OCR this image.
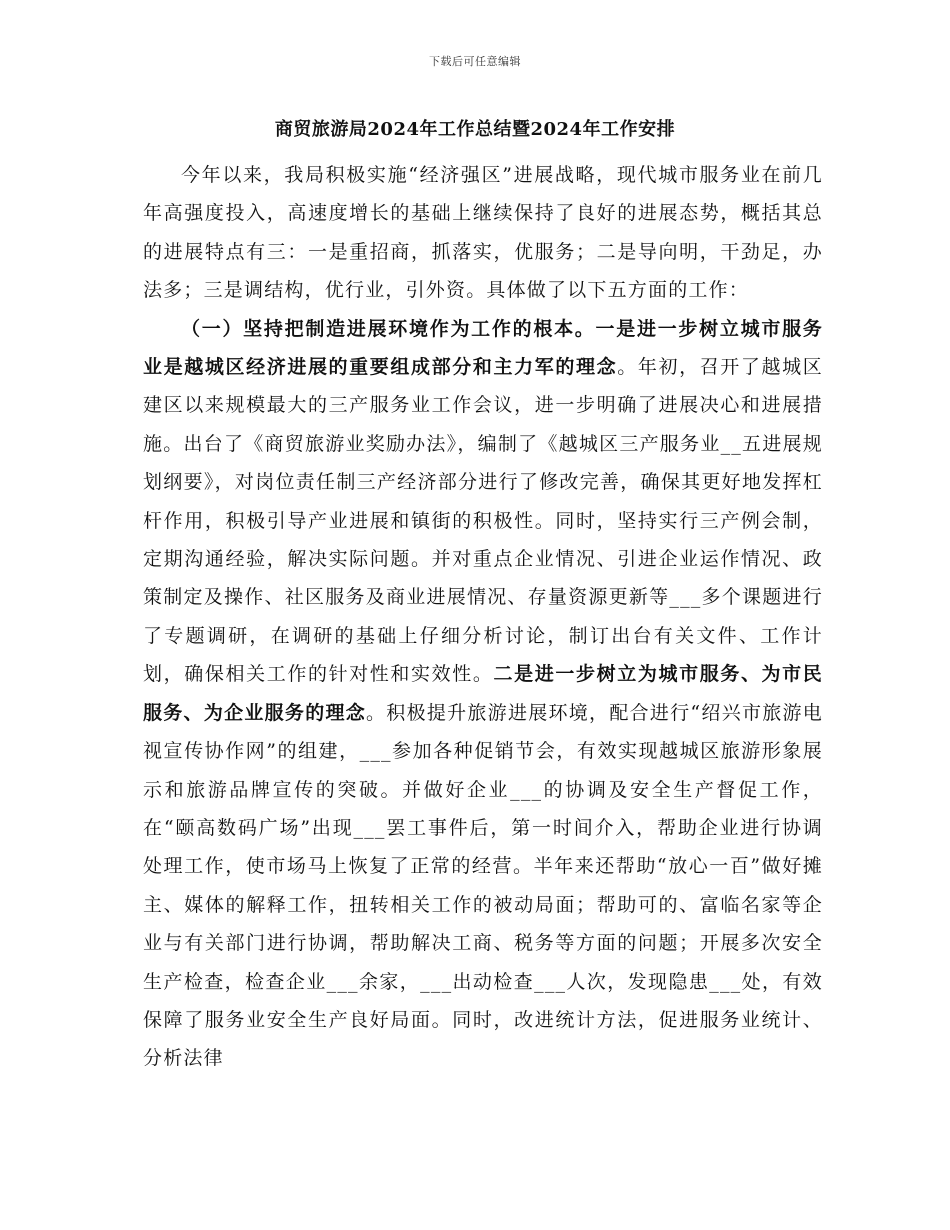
下载后可任意编辑
商贸旅游局2024年工作总结暨2024年工作安排

今年以来，我局积极实施“经济强区”进展战略，现代城市服务业在前几年高强度投入，高速度增长的基础上继续保持了良好的进展态势，概括其总的进展特点有三：一是重招商，抓落实，优服务；二是导向明，干劲足，办法多；三是调结构，优行业，引外资。具体做了以下五方面的工作：

（一）坚持把制造进展环境作为工作的根本。一是进一步树立城市服务业是越城区经济进展的重要组成部分和主力军的理念。年初，召开了越城区建区以来规模最大的三产服务业工作会议，进一步明确了进展决心和进展措施。出台了《商贸旅游业奖励办法》，编制了《越城区三产服务业__五进展规划纲要》，对岗位责任制三产经济部分进行了修改完善，确保其更好地发挥杠杆作用，积极引导产业进展和镇街的积极性。同时，坚持实行三产例会制，定期沟通经验，解决实际问题。并对重点企业情况、引进企业运作情况、政策制定及操作、社区服务及商业进展情况、存量资源更新等___多个课题进行了专题调研，在调研的基础上仔细分析讨论，制订出台有关文件、工作计划，确保相关工作的针对性和实效性。二是进一步树立为城市服务、为市民服务、为企业服务的理念。积极提升旅游进展环境，配合进行“绍兴市旅游电视宣传协作网”的组建，___参加各种促销节会，有效实现越城区旅游形象展示和旅游品牌宣传的突破。并做好企业___的协调及安全生产督促工作，在“颐高数码广场”出现___罢工事件后，第一时间介入，帮助企业进行协调处理工作，使市场马上恢复了正常的经营。半年来还帮助“放心一百”做好摊主、媒体的解释工作，扭转相关工作的被动局面；帮助可的、富临名家等企业与有关部门进行协调，帮助解决工商、税务等方面的问题；开展多次安全生产检查，检查企业___余家，___出动检查___人次，发现隐患___处，有效保障了服务业安全生产良好局面。同时，改进统计方法，促进服务业统计、分析法律
